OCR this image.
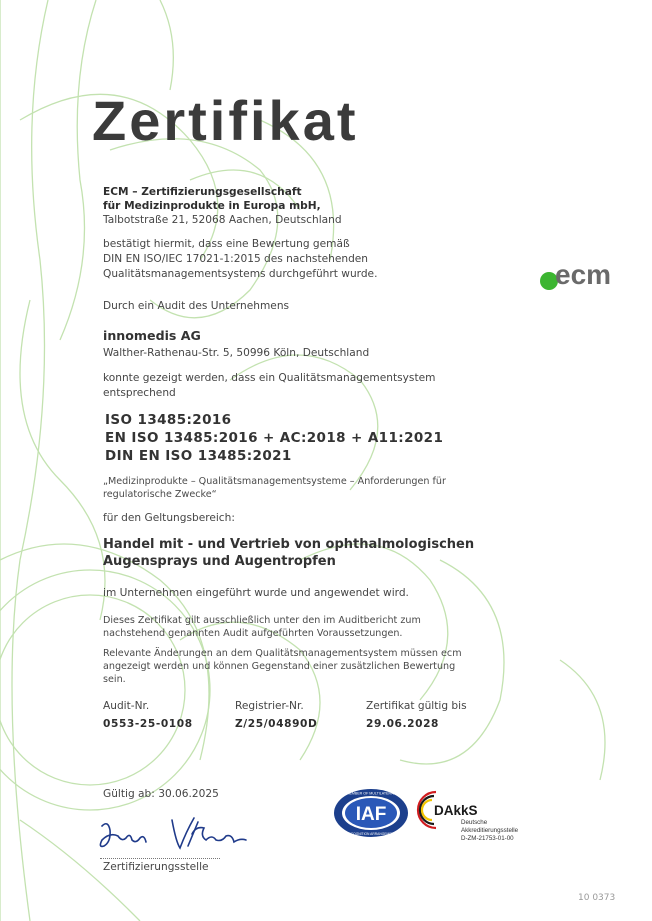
Zertifikat
ECM – Zertifizierungsgesellschaft
für Medizinprodukte in Europa mbH,
Talbotstraße 21, 52068 Aachen, Deutschland
bestätigt hiermit, dass eine Bewertung gemäß
DIN EN ISO/IEC 17021-1:2015 des nachstehenden
Qualitätsmanagementsystems durchgeführt wurde.	ecm
Durch ein Audit des Unternehmens
innomedis AG
Walther-Rathenau-Str. 5, 50996 Köln, Deutschland
konnte gezeigt werden, dass ein Qualitätsmanagementsystem
entsprechend
ISO 13485:2016
EN ISO 13485:2016 + AC:2018 + A11:2021
DIN EN ISO 13485:2021
„Medizinprodukte – Qualitätsmanagementsysteme – Anforderungen für
regulatorische Zwecke“
für den Geltungsbereich:
Handel mit - und Vertrieb von ophthalmologischen
Augensprays und Augentropfen
im Unternehmen eingeführt wurde und angewendet wird.
Dieses Zertifikat gilt ausschließlich unter den im Auditbericht zum
nachstehend genannten Audit aufgeführten Voraussetzungen.
Relevante Änderungen an dem Qualitätsmanagementsystem müssen ecm
angezeigt werden und können Gegenstand einer zusätzlichen Bewertung
sein.
Audit-Nr.
0553-25-0108
Registrier-Nr.
Z/25/04890D
Zertifikat gültig bis
29.06.2028
Gültig ab: 30.06.2025
Zertifizierungsstelle
IAF
MEMBER OF MULTILATERAL
RECOGNITION ARRANGEMENT
DAkkS
Deutsche
Akkreditierungsstelle
D-ZM-21753-01-00
10 0373
